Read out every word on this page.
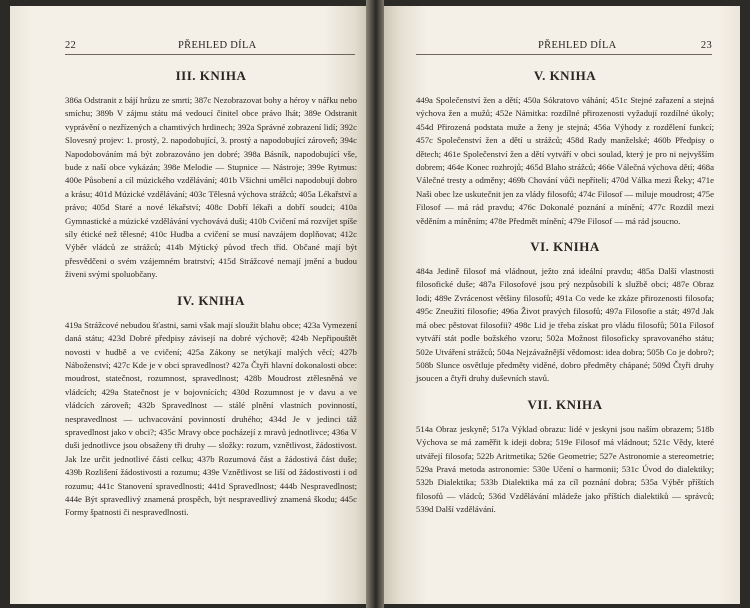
22	PŘEHLED DÍLA
III. KNIHA

386a Odstranit z bájí hrůzu ze smrti; 387c Nezobrazovat bohy a héroy v nářku nebo smíchu; 389b V zájmu státu má vedoucí činitel obce právo lhát; 389e Odstranit vyprávění o nezřízených a chamtivých hrdinech; 392a Správné zobrazení lidí; 392c Slovesný projev: 1. prostý, 2. napodobující, 3. prostý a napodobující zároveň; 394c Napodobováním má být zobrazováno jen dobré; 398a Básník, napodobující vše, bude z naší obce vykázán; 398e Melodie — Stupnice — Nástroje; 399e Rytmus: 400e Působení a cíl múzického vzdělávání; 401b Všichni umělci napodobují dobro a krásu; 401d Múzické vzdělávání; 403c Tělesná výchova strážců; 405a Lékařství a právo; 405d Staré a nové lékařství; 408c Dobří lékaři a dobří soudci; 410a Gymnastické a múzické vzdělávání vychovává duši; 410b Cvičení má rozvíjet spíše síly étické než tělesné; 410c Hudba a cvičení se musí navzájem doplňovat; 412c Výběr vládců ze strážců; 414b Mýtický původ třech tříd. Občané mají být přesvědčeni o svém vzájemném bratrství; 415d Strážcové nemají jmění a budou živeni svými spoluobčany.

IV. KNIHA

419a Strážcové nebudou šťastni, sami však mají sloužit blahu obce; 423a Vymezení daná státu; 423d Dobré předpisy závisejí na dobré výchově; 424b Nepřipouštět novosti v hudbě a ve cvičení; 425a Zákony se netýkají malých věcí; 427b Náboženství; 427c Kde je v obci spravedlnost? 427a Čtyři hlavní dokonalosti obce: moudrost, statečnost, rozumnost, spravedlnost; 428b Moudrost ztělesněná ve vládcích; 429a Statečnost je v bojovnících; 430d Rozumnost je v davu a ve vládcích zároveň; 432b Spravedlnost — stálé plnění vlastních povinností, nespravedlnost — uchvacování povinností druhého; 434d Je v jedinci táž spravedlnost jako v obci?; 435c Mravy obce pocházejí z mravů jednotlivce; 436a V duši jednotlivce jsou obsaženy tři druhy — složky: rozum, vznětlivost, žádostivost. Jak lze určit jednotlivé části celku; 437b Rozumová část a žádostivá část duše; 439b Rozlišení žádostivosti a rozumu; 439e Vznětlivost se liší od žádostivosti i od rozumu; 441c Stanovení spravedlnosti; 441d Spravedlnost; 444b Nespravedlnost; 444e Být spravedlivý znamená prospěch, být nespravedlivý znamená škodu; 445c Formy špatnosti či nespravedlnosti.

PŘEHLED DÍLA	23
V. KNIHA

449a Společenství žen a dětí; 450a Sókratovo váhání; 451c Stejné zařazení a stejná výchova žen a mužů; 452e Námitka: rozdílné přirozenosti vyžadují rozdílné úkoly; 454d Přirozená podstata muže a ženy je stejná; 456a Výhody z rozdělení funkcí; 457c Společenství žen a dětí u strážců; 458d Rady manželské; 460b Předpisy o dětech; 461e Společenství žen a dětí vytváří v obci soulad, který je pro ni nejvyšším dobrem; 464e Konec rozhrojů; 465d Blaho strážců; 466e Válečná výchova dětí; 468a Válečné tresty a odměny; 469b Chování vůči nepříteli; 470d Válka mezi Řeky; 471e Naši obec lze uskutečnit jen za vlády filosofů; 474c Filosof — miluje moudrost; 475e Filosof — má rád pravdu; 476c Dokonalé poznání a mínění; 477c Rozdíl mezi věděním a míněním; 478e Předmět mínění; 479e Filosof — má rád jsoucno.

VI. KNIHA

484a Jedině filosof má vládnout, ježto zná ideální pravdu; 485a Další vlastnosti filosofické duše; 487a Filosofové jsou prý nezpůsobilí k službě obci; 487e Obraz lodi; 489e Zvrácenost většiny filosofů; 491a Co vede ke zkáze přirozenosti filosofa; 495c Zneužití filosofie; 496a Život pravých filosofů; 497a Filosofie a stát; 497d Jak má obec pěstovat filosofii? 498c Lid je třeba získat pro vládu filosofů; 501a Filosof vytváří stát podle božského vzoru; 502a Možnost filosoficky spravovaného státu; 502e Utváření strážců; 504a Nejzávažnější vědomost: idea dobra; 505b Co je dobro?; 508b Slunce osvětluje předměty viděné, dobro předměty chápané; 509d Čtyři druhy jsoucen a čtyři druhy duševních stavů.

VII. KNIHA

514a Obraz jeskyně; 517a Výklad obrazu: lidé v jeskyni jsou naším obrazem; 518b Výchova se má zaměřit k ideji dobra; 519e Filosof má vládnout; 521c Vědy, které utvářejí filosofa; 522b Aritmetika; 526e Geometrie; 527e Astronomie a stereometrie; 529a Pravá metoda astronomie: 530e Učení o harmonii; 531c Úvod do dialektiky; 532b Dialektika; 533b Dialektika má za cíl poznání dobra; 535a Výběr příštích filosofů — vládců; 536d Vzdělávání mládeže jako příštích dialektiků — správců; 539d Další vzdělávání.
